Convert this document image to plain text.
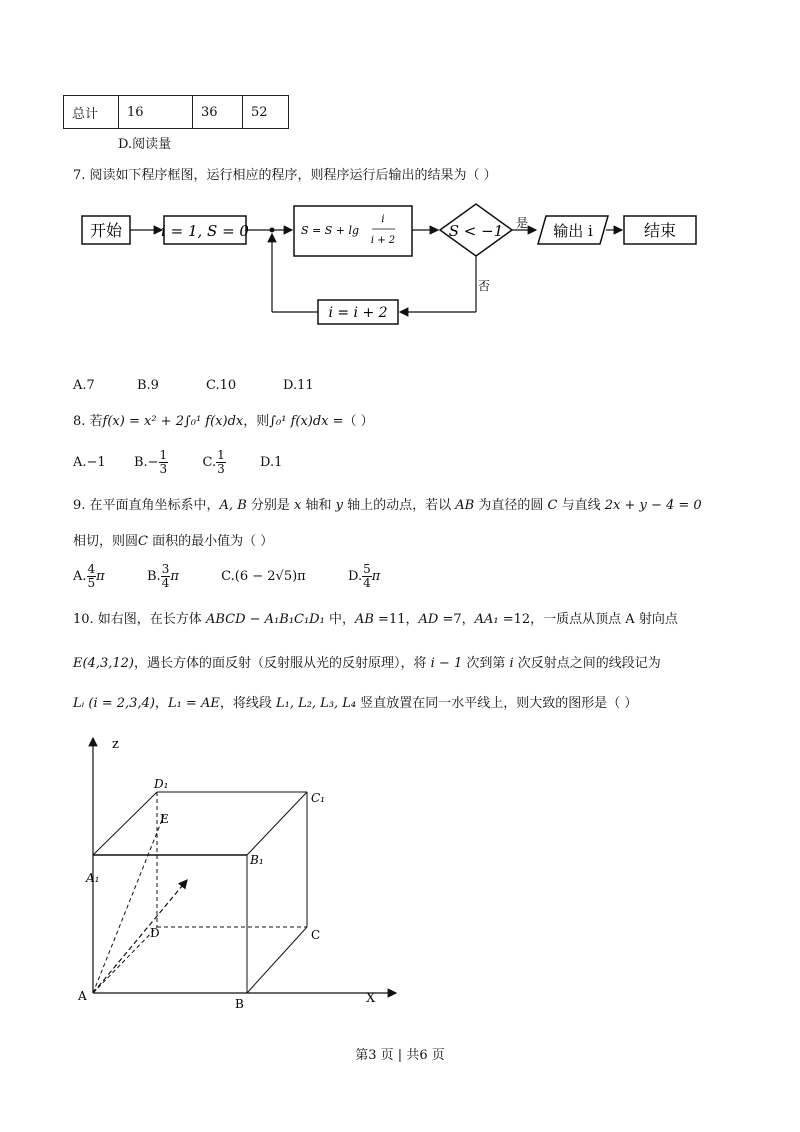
总计	16	36	52
D.阅读量
7. 阅读如下程序框图，运行相应的程序，则程序运行后输出的结果为（ ）
开始	i = 1, S = 0	S = S + lg
i
i + 2
S < −1 是 输出 i	结束
否
i = i + 2
A.7	B.9	C.10	D.11
8. 若f(x) = x² + 2∫₀¹ f(x)dx，则∫₀¹ f(x)dx =（ ）
A.−1 $B.- \frac{1}{3}$	C. $\frac{1}{3}$	D.1
9. 在平面直角坐标系中，A, B 分别是 x 轴和 y 轴上的动点，若以 AB 为直径的圆 C 与直线 2x + y − 4 = 0
相切，则圆C 面积的最小值为（ ）
A. $\frac{4}{5}$ π	B. $\frac{3}{4}$ π	C.(6 − 2√5)π	D. $\frac{5}{4}$ π
10. 如右图，在长方体 ABCD − A₁B₁C₁D₁ 中，AB =11，AD =7，AA₁ =12，一质点从顶点 A 射向点
E(4,3,12)，遇长方体的面反射（反射服从光的反射原理），将 i − 1 次到第 i 次反射点之间的线段记为
Lᵢ (i = 2,3,4)，L₁ = AE，将线段 L₁, L₂, L₃, L₄ 竖直放置在同一水平线上，则大致的图形是（ ）
z
X
A
B
C
D
E
A₁
B₁
C₁
D₁
第3 页 | 共6 页
